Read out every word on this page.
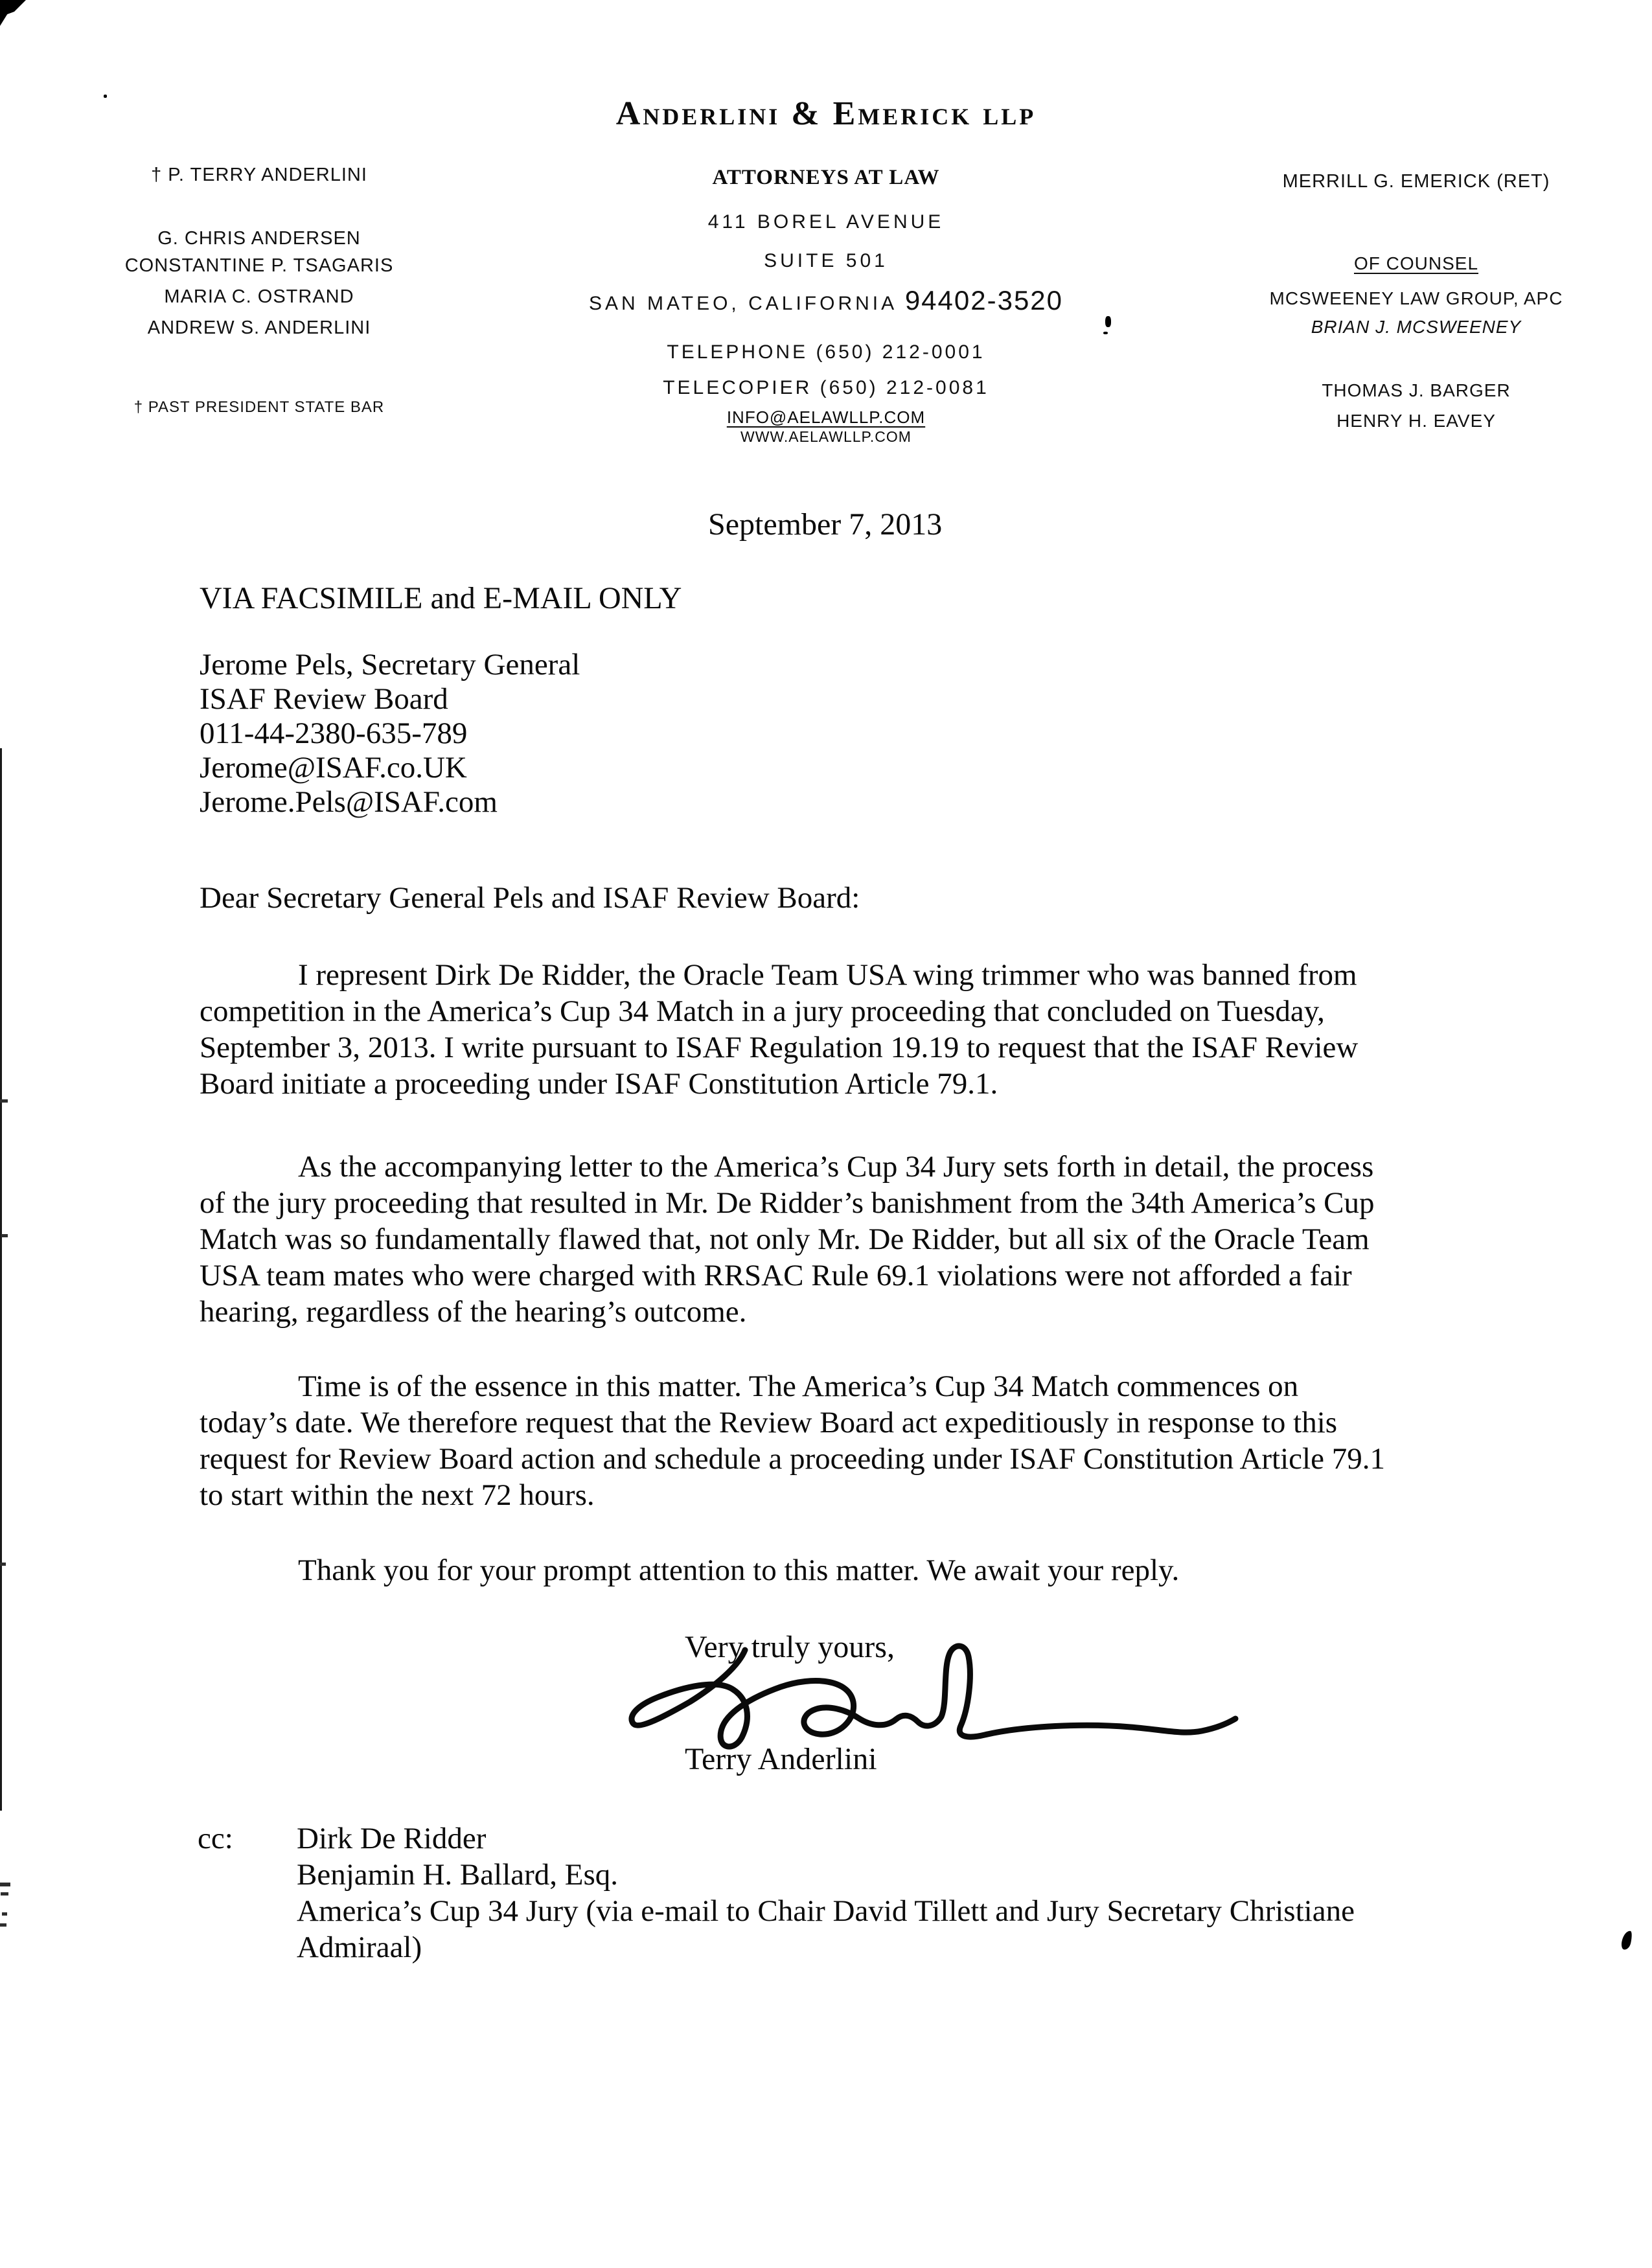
Anderlini & Emerick llp
ATTORNEYS AT LAW
411 BOREL AVENUE
SUITE 501
SAN MATEO, CALIFORNIA 94402-3520
TELEPHONE (650) 212-0001
TELECOPIER (650) 212-0081
INFO@AELAWLLP.COM
WWW.AELAWLLP.COM
† P. TERRY ANDERLINI
G. CHRIS ANDERSEN
CONSTANTINE P. TSAGARIS
MARIA C. OSTRAND
ANDREW S. ANDERLINI
† PAST PRESIDENT STATE BAR
MERRILL G. EMERICK (RET)
OF COUNSEL
MCSWEENEY LAW GROUP, APC
BRIAN J. MCSWEENEY
THOMAS J. BARGER
HENRY H. EAVEY
September 7, 2013
VIA FACSIMILE and E-MAIL ONLY
Jerome Pels, Secretary General
ISAF Review Board
011-44-2380-635-789
Jerome@ISAF.co.UK
Jerome.Pels@ISAF.com
Dear Secretary General Pels and ISAF Review Board:
I represent Dirk De Ridder, the Oracle Team USA wing trimmer who was banned from
competition in the America’s Cup 34 Match in a jury proceeding that concluded on Tuesday,
September 3, 2013. I write pursuant to ISAF Regulation 19.19 to request that the ISAF Review
Board initiate a proceeding under ISAF Constitution Article 79.1.
As the accompanying letter to the America’s Cup 34 Jury sets forth in detail, the process
of the jury proceeding that resulted in Mr. De Ridder’s banishment from the 34th America’s Cup
Match was so fundamentally flawed that, not only Mr. De Ridder, but all six of the Oracle Team
USA team mates who were charged with RRSAC Rule 69.1 violations were not afforded a fair
hearing, regardless of the hearing’s outcome.
Time is of the essence in this matter. The America’s Cup 34 Match commences on
today’s date. We therefore request that the Review Board act expeditiously in response to this
request for Review Board action and schedule a proceeding under ISAF Constitution Article 79.1
to start within the next 72 hours.
Thank you for your prompt attention to this matter. We await your reply.
Very truly yours,
Terry Anderlini
cc: Dirk De Ridder
Benjamin H. Ballard, Esq.
America’s Cup 34 Jury (via e-mail to Chair David Tillett and Jury Secretary Christiane
Admiraal)
